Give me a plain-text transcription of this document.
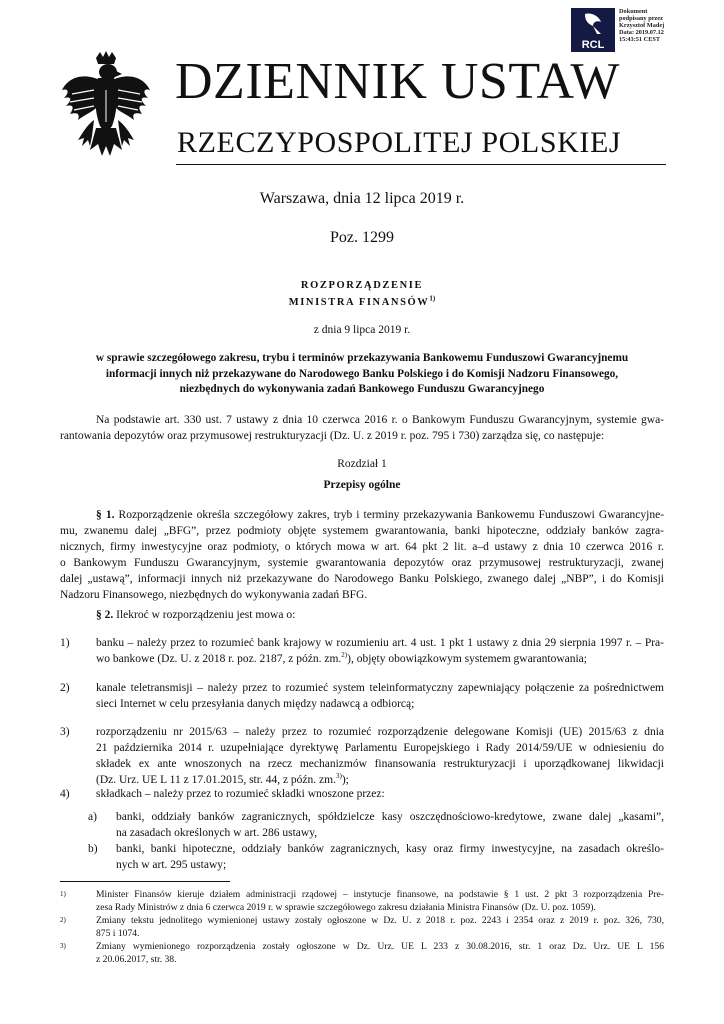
RCL
Dokument
podpisany przez
Krzysztof Madej
Data: 2019.07.12
15:43:51 CEST
DZIENNIK USTAW
RZECZYPOSPOLITEJ POLSKIEJ
Warszawa, dnia 12 lipca 2019 r.
Poz. 1299
ROZPORZĄDZENIE
MINISTRA FINANSÓW$^{1)}$
z dnia 9 lipca 2019 r.
w sprawie szczegółowego zakresu, trybu i terminów przekazywania Bankowemu Funduszowi Gwarancyjnemu
informacji innych niż przekazywane do Narodowego Banku Polskiego i do Komisji Nadzoru Finansowego,
niezbędnych do wykonywania zadań Bankowego Funduszu Gwarancyjnego
Na podstawie art. 330 ust. 7 ustawy z dnia 10 czerwca 2016 r. o Bankowym Funduszu Gwarancyjnym, systemie gwa-
rantowania depozytów oraz przymusowej restrukturyzacji (Dz. U. z 2019 r. poz. 795 i 730) zarządza się, co następuje:
Rozdział 1
Przepisy ogólne
§ 1. Rozporządzenie określa szczegółowy zakres, tryb i terminy przekazywania Bankowemu Funduszowi Gwarancyjne-
mu, zwanemu dalej „BFG”, przez podmioty objęte systemem gwarantowania, banki hipoteczne, oddziały banków zagra-
nicznych, firmy inwestycyjne oraz podmioty, o których mowa w art. 64 pkt 2 lit. a–d ustawy z dnia 10 czerwca 2016 r.
o Bankowym Funduszu Gwarancyjnym, systemie gwarantowania depozytów oraz przymusowej restrukturyzacji, zwanej
dalej „ustawą”, informacji innych niż przekazywane do Narodowego Banku Polskiego, zwanego dalej „NBP”, i do Komisji
Nadzoru Finansowego, niezbędnych do wykonywania zadań BFG.
§ 2. Ilekroć w rozporządzeniu jest mowa o:
1) banku – należy przez to rozumieć bank krajowy w rozumieniu art. 4 ust. 1 pkt 1 ustawy z dnia 29 sierpnia 1997 r. – Pra-
wo bankowe (Dz. U. z 2018 r. poz. 2187, z późn. zm.$^{2)}$), objęty obowiązkowym systemem gwarantowania;
2) kanale teletransmisji – należy przez to rozumieć system teleinformatyczny zapewniający połączenie za pośrednictwem
sieci Internet w celu przesyłania danych między nadawcą a odbiorcą;
3) rozporządzeniu nr 2015/63 – należy przez to rozumieć rozporządzenie delegowane Komisji (UE) 2015/63 z dnia
21 października 2014 r. uzupełniające dyrektywę Parlamentu Europejskiego i Rady 2014/59/UE w odniesieniu do
składek ex ante wnoszonych na rzecz mechanizmów finansowania restrukturyzacji i uporządkowanej likwidacji
(Dz. Urz. UE L 11 z 17.01.2015, str. 44, z późn. zm.$^{3)}$);
4) składkach – należy przez to rozumieć składki wnoszone przez:
a) banki, oddziały banków zagranicznych, spółdzielcze kasy oszczędnościowo-kredytowe, zwane dalej „kasami”,
na zasadach określonych w art. 286 ustawy,
b) banki, banki hipoteczne, oddziały banków zagranicznych, kasy oraz firmy inwestycyjne, na zasadach określo-
nych w art. 295 ustawy;
1)	Minister Finansów kieruje działem administracji rządowej – instytucje finansowe, na podstawie § 1 ust. 2 pkt 3 rozporządzenia Pre-
zesa Rady Ministrów z dnia 6 czerwca 2019 r. w sprawie szczegółowego zakresu działania Ministra Finansów (Dz. U. poz. 1059).
2)	Zmiany tekstu jednolitego wymienionej ustawy zostały ogłoszone w Dz. U. z 2018 r. poz. 2243 i 2354 oraz z 2019 r. poz. 326, 730,
875 i 1074.
3)	Zmiany wymienionego rozporządzenia zostały ogłoszone w Dz. Urz. UE L 233 z 30.08.2016, str. 1 oraz Dz. Urz. UE L 156
z 20.06.2017, str. 38.
